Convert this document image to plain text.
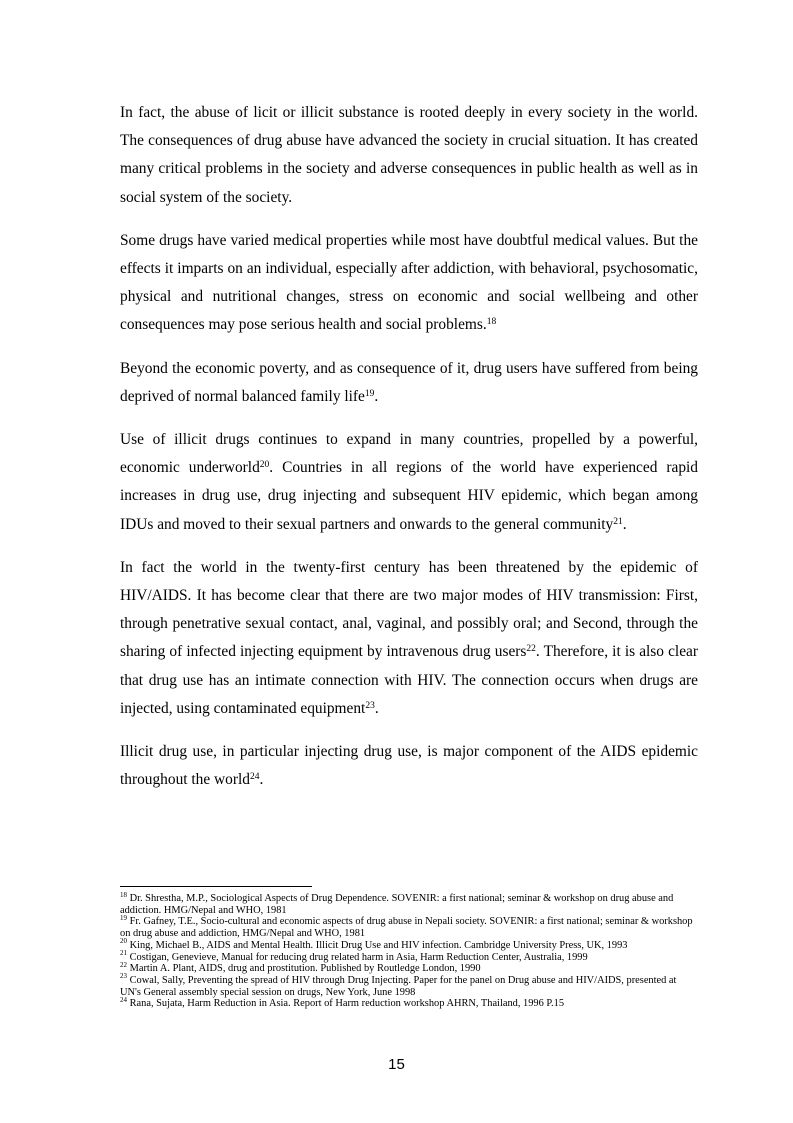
In fact, the abuse of licit or illicit substance is rooted deeply in every society in the world. The consequences of drug abuse have advanced the society in crucial situation. It has created many critical problems in the society and adverse consequences in public health as well as in social system of the society.

Some drugs have varied medical properties while most have doubtful medical values. But the effects it imparts on an individual, especially after addiction, with behavioral, psychosomatic, physical and nutritional changes, stress on economic and social wellbeing and other consequences may pose serious health and social problems.$^{18}$

Beyond the economic poverty, and as consequence of it, drug users have suffered from being deprived of normal balanced family life$^{19}$.

Use of illicit drugs continues to expand in many countries, propelled by a powerful, economic underworld$^{20}$. Countries in all regions of the world have experienced rapid increases in drug use, drug injecting and subsequent HIV epidemic, which began among IDUs and moved to their sexual partners and onwards to the general community$^{21}$.

In fact the world in the twenty-first century has been threatened by the epidemic of HIV/AIDS. It has become clear that there are two major modes of HIV transmission: First, through penetrative sexual contact, anal, vaginal, and possibly oral; and Second, through the sharing of infected injecting equipment by intravenous drug users$^{22}$. Therefore, it is also clear that drug use has an intimate connection with HIV. The connection occurs when drugs are injected, using contaminated equipment$^{23}$.

Illicit drug use, in particular injecting drug use, is major component of the AIDS epidemic throughout the world$^{24}$.

$^{18}$ Dr. Shrestha, M.P., Sociological Aspects of Drug Dependence. SOVENIR: a first national; seminar & workshop on drug abuse and addiction. HMG/Nepal and WHO, 1981

$^{19}$ Fr. Gafney, T.E., Socio-cultural and economic aspects of drug abuse in Nepali society. SOVENIR: a first national; seminar & workshop on drug abuse and addiction, HMG/Nepal and WHO, 1981

$^{20}$ King, Michael B., AIDS and Mental Health. Illicit Drug Use and HIV infection. Cambridge University Press, UK, 1993

$^{21}$ Costigan, Genevieve, Manual for reducing drug related harm in Asia, Harm Reduction Center, Australia, 1999

$^{22}$ Martin A. Plant, AIDS, drug and prostitution. Published by Routledge London, 1990

$^{23}$ Cowal, Sally, Preventing the spread of HIV through Drug Injecting. Paper for the panel on Drug abuse and HIV/AIDS, presented at UN's General assembly special session on drugs, New York, June 1998

$^{24}$ Rana, Sujata, Harm Reduction in Asia. Report of Harm reduction workshop AHRN, Thailand, 1996 P.15

15
